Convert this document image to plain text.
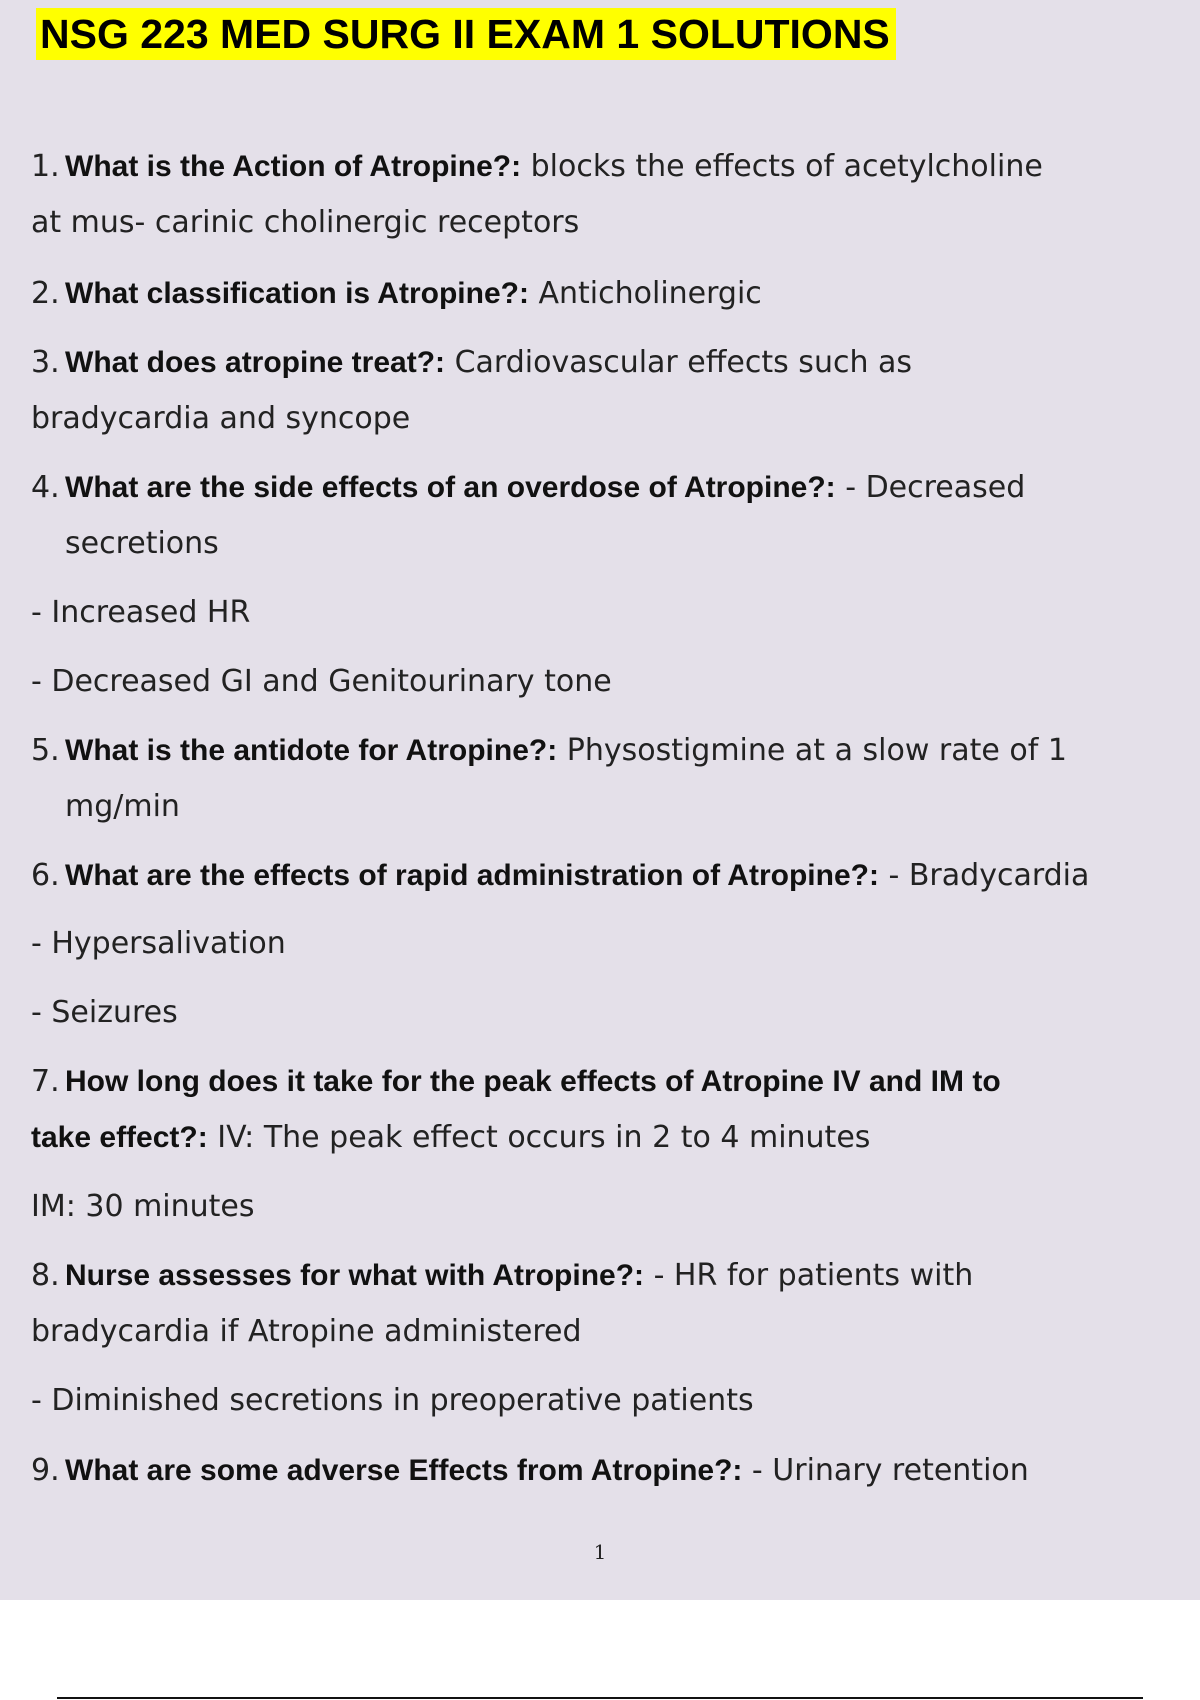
NSG 223 MED SURG II EXAM 1 SOLUTIONS
1. What is the Action of Atropine?: blocks the effects of acetylcholine
at mus- carinic cholinergic receptors
2. What classification is Atropine?: Anticholinergic
3. What does atropine treat?: Cardiovascular effects such as
bradycardia and syncope
4. What are the side effects of an overdose of Atropine?: - Decreased
secretions
- Increased HR
- Decreased GI and Genitourinary tone
5. What is the antidote for Atropine?: Physostigmine at a slow rate of 1
mg/min
6. What are the effects of rapid administration of Atropine?: - Bradycardia
- Hypersalivation
- Seizures
7. How long does it take for the peak effects of Atropine IV and IM to
take effect?: IV: The peak effect occurs in 2 to 4 minutes
IM: 30 minutes
8. Nurse assesses for what with Atropine?: - HR for patients with
bradycardia if Atropine administered
- Diminished secretions in preoperative patients
9. What are some adverse Effects from Atropine?: - Urinary retention
1
